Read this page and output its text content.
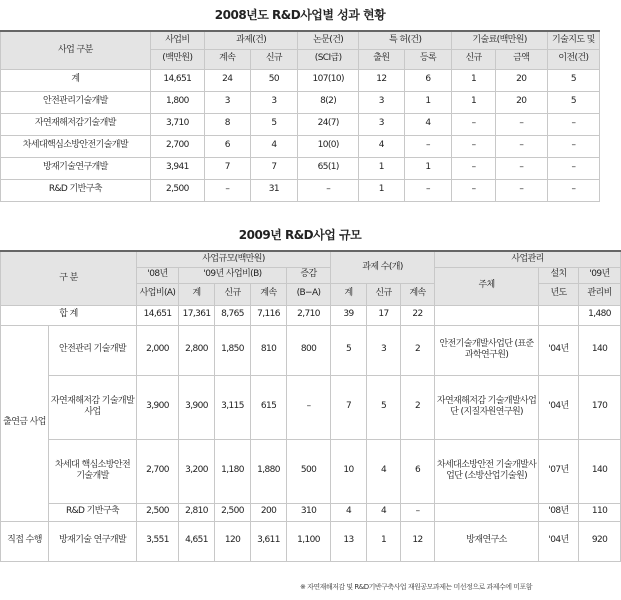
2008년도 R&D사업별 성과 현황
사업 구분	사업비	과제(건)		논문(건)	특 허(건)		기술료(백만원)		기술지도 및
	(백만원)	계속	신규	(SCI급)	출원	등록	신규	금액	이전(건)
계	14,651	24	50	107(10)	12	6	1	20	5
안전관리기술개발	1,800	3	3	8(2)	3	1	1	20	5
자연재해저감기술개발	3,710	8	5	24(7)	3	4	–	–	–
차세대핵심소방안전기술개발	2,700	6	4	10(0)	4	–	–	–	–
방재기술연구개발	3,941	7	7	65(1)	1	1	–	–	–
R&D 기반구축	2,500	–	31	–	1	–	–	–	–
2009년 R&D사업 규모
구 분		사업규모(백만원)					과제 수(개)			사업관리		
		'08년	'09년 사업비(B)			증감				주체	설치	'09년
		사업비(A)	계	신규	계속	(B−A)	계	신규	계속		년도	관리비
합 계		14,651	17,361	8,765	7,116	2,710	39	17	22			1,480
출연금 사업	안전관리 기술개발	2,000	2,800	1,850	810	800	5	3	2	안전기술개발사업단 (표준과학연구원)	'04년	140
	자연재해저감 기술개발사업	3,900	3,900	3,115	615	–	7	5	2	자연재해저감 기술개발사업단 (지질자원연구원)	'04년	170
	차세대 핵심소방안전 기술개발	2,700	3,200	1,180	1,880	500	10	4	6	차세대소방안전 기술개발사업단 (소방산업기술원)	'07년	140
	R&D 기반구축	2,500	2,810	2,500	200	310	4	4	–		'08년	110
직접 수행	방재기술 연구개발	3,551	4,651	120	3,611	1,100	13	1	12	방재연구소	'04년	920
※ 자연재해저감 및 R&D기반구축사업 재원공모과제는 미선정으로 과제수에 미포함
